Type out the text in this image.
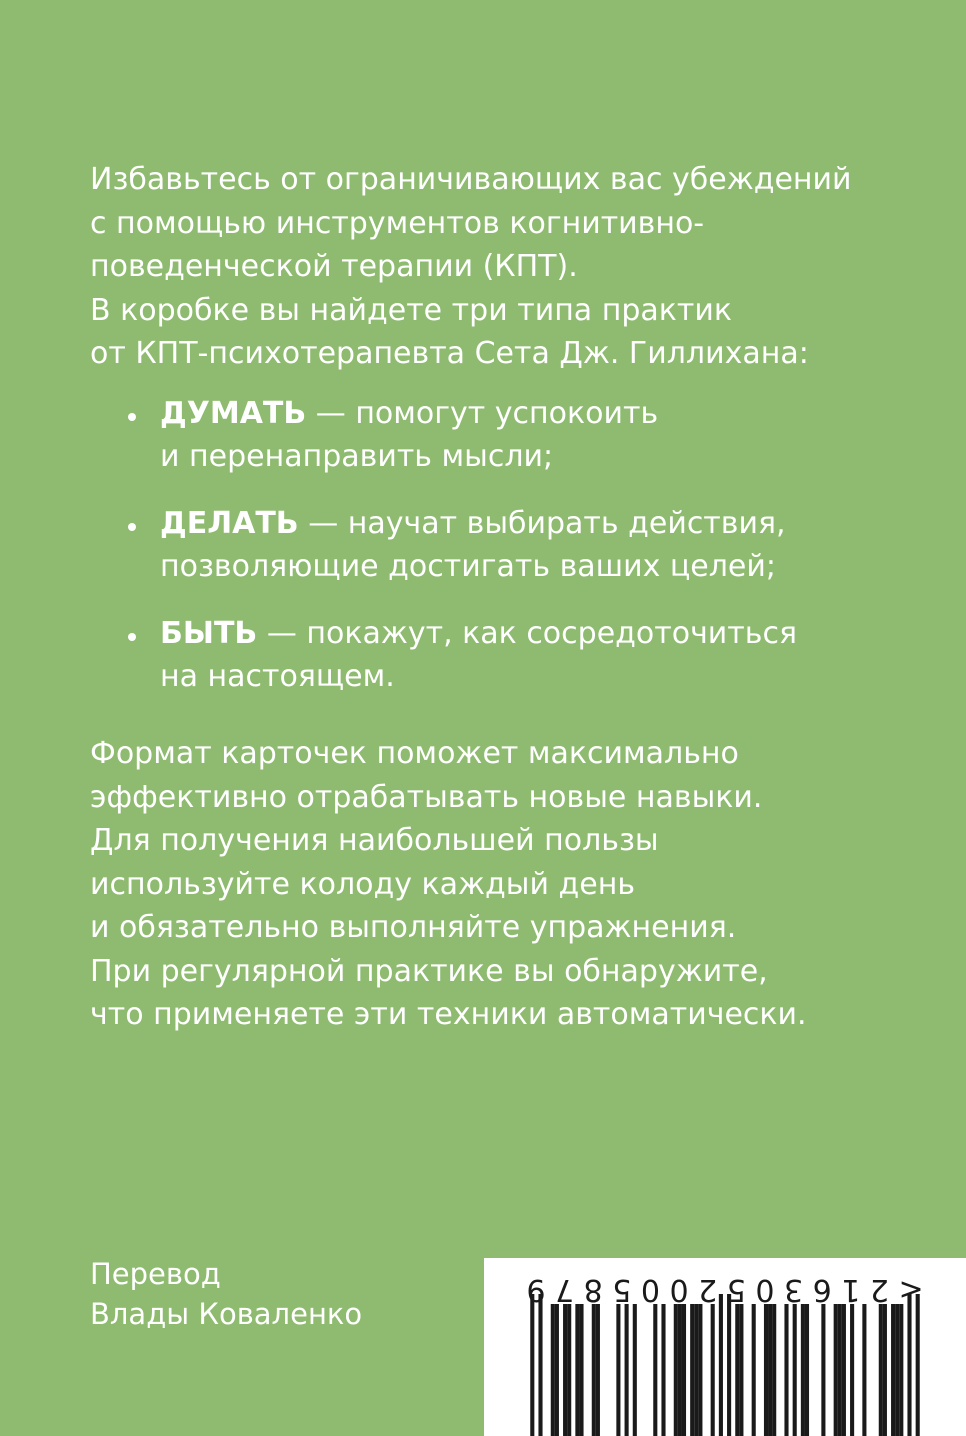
Избавьтесь от ограничивающих вас убеждений
с помощью инструментов когнитивно-
поведенческой терапии (КПТ).
В коробке вы найдете три типа практик
от КПТ-психотерапевта Сета Дж. Гиллихана:

ДУМАТЬ — помогут успокоить
и перенаправить мысли;
ДЕЛАТЬ — научат выбирать действия,
позволяющие достигать ваших целей;
БЫТЬ — покажут, как сосредоточиться
на настоящем.

Формат карточек поможет максимально
эффективно отрабатывать новые навыки.
Для получения наибольшей пользы
используйте колоду каждый день
и обязательно выполняйте упражнения.
При регулярной практике вы обнаружите,
что применяете эти техники автоматически.

Перевод
Влады Коваленко
< 2 1 6 3 0 5 2 0 0 5 8 7 9
